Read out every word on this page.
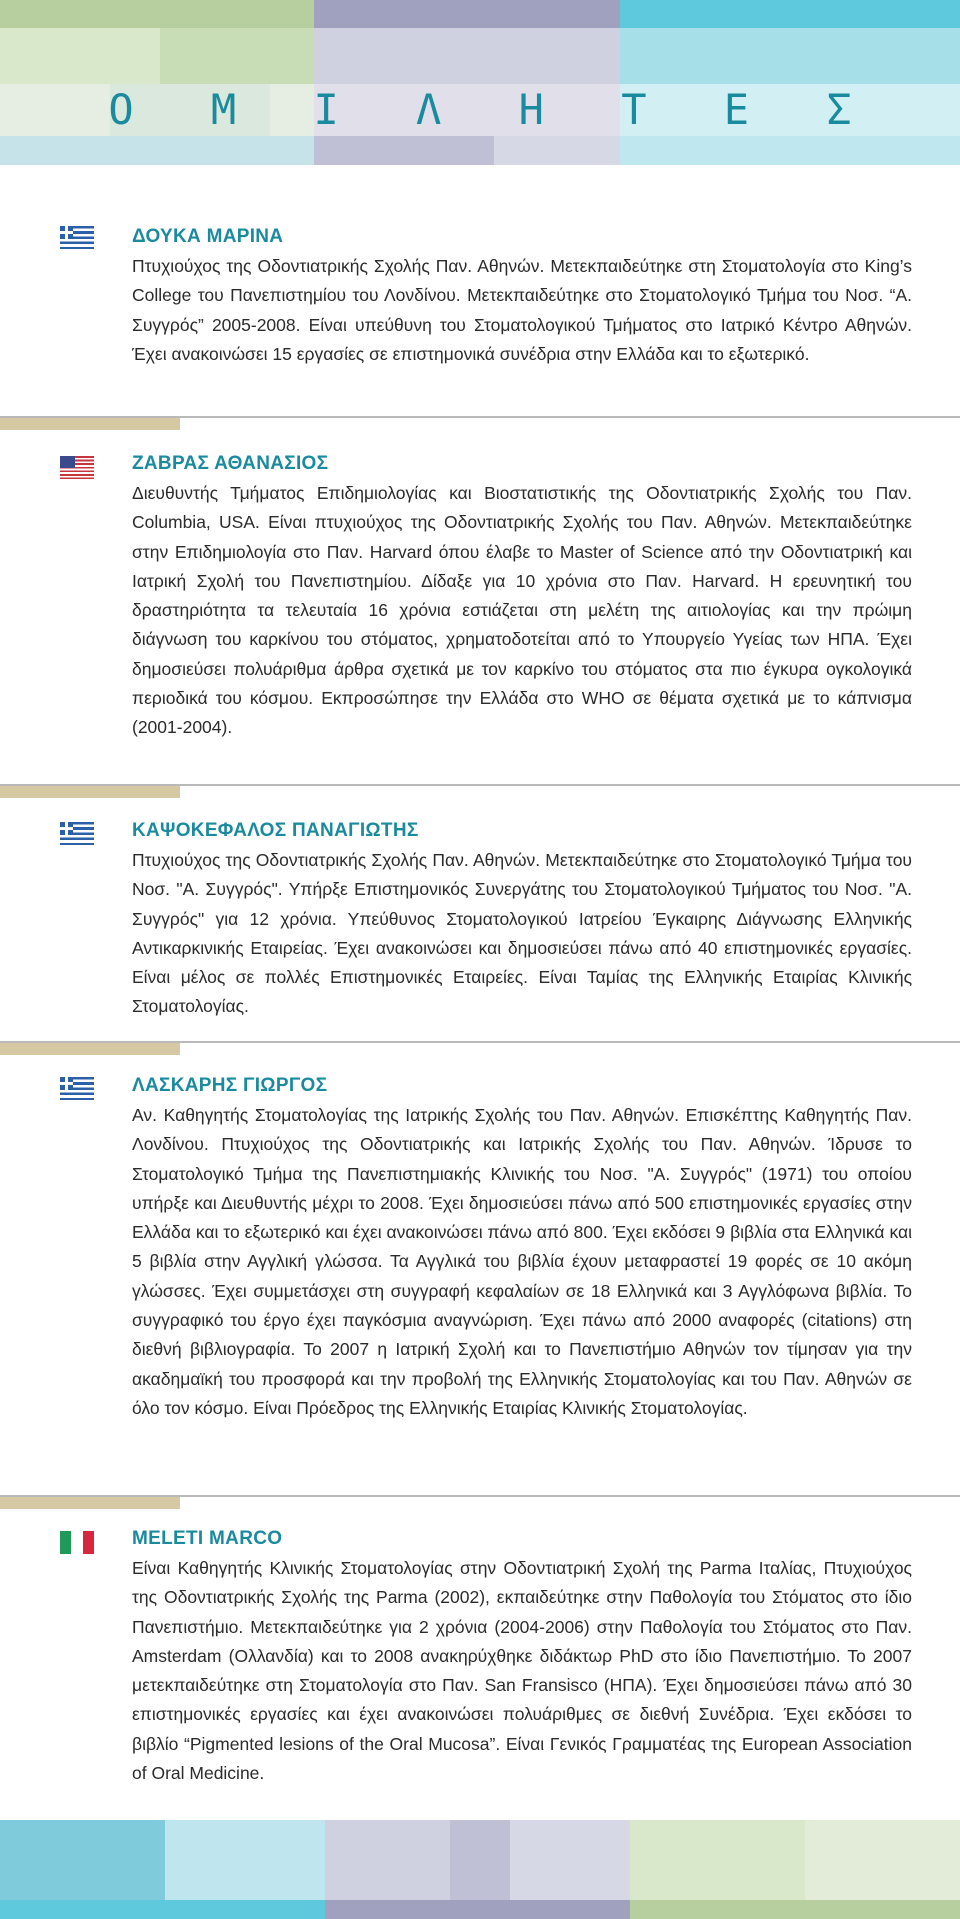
Ο Μ Ι Λ Η Τ Ε Σ
ΔΟΥΚΑ ΜΑΡΙΝΑ

Πτυχιούχος της Οδοντιατρικής Σχολής Παν. Αθηνών. Μετεκπαιδεύτηκε στη Στοματολογία στο King’s College του Πανεπιστημίου του Λονδίνου. Μετεκπαιδεύτηκε στο Στοματολογικό Τμήμα του Νοσ. “Α. Συγγρός” 2005-2008. Είναι υπεύθυνη του Στοματολογικού Τμήματος στο Ιατρικό Κέντρο Αθηνών. Έχει ανακοινώσει 15 εργασίες σε επιστημονικά συνέδρια στην Ελλάδα και το εξωτερικό.

ΖΑΒΡΑΣ ΑΘΑΝΑΣΙΟΣ

Διευθυντής Τμήματος Επιδημιολογίας και Βιοστατιστικής της Οδοντιατρικής Σχολής του Παν. Columbia, USA. Είναι πτυχιούχος της Οδοντιατρικής Σχολής του Παν. Αθηνών. Μετεκπαιδεύτηκε στην Επιδημιολογία στο Παν. Harvard όπου έλαβε το Master of Science από την Οδοντιατρική και Ιατρική Σχολή του Πανεπιστημίου. Δίδαξε για 10 χρόνια στο Παν. Harvard. Η ερευνητική του δραστηριότητα τα τελευταία 16 χρόνια εστιάζεται στη μελέτη της αιτιολογίας και την πρώιμη διάγνωση του καρκίνου του στόματος, χρηματοδοτείται από το Υπουργείο Υγείας των ΗΠΑ. Έχει δημοσιεύσει πολυάριθμα άρθρα σχετικά με τον καρκίνο του στόματος στα πιο έγκυρα ογκολογικά περιοδικά του κόσμου. Εκπροσώπησε την Ελλάδα στο WHO σε θέματα σχετικά με το κάπνισμα (2001-2004).

ΚΑΨΟΚΕΦΑΛΟΣ ΠΑΝΑΓΙΩΤΗΣ

Πτυχιούχος της Οδοντιατρικής Σχολής Παν. Αθηνών. Μετεκπαιδεύτηκε στο Στοματολογικό Τμήμα του Νοσ. "Α. Συγγρός". Υπήρξε Επιστημονικός Συνεργάτης του Στοματολογικού Τμήματος του Νοσ. "Α. Συγγρός" για 12 χρόνια. Υπεύθυνος Στοματολογικού Ιατρείου Έγκαιρης Διάγνωσης Ελληνικής Αντικαρκινικής Εταιρείας. Έχει ανακοινώσει και δημοσιεύσει πάνω από 40 επιστημονικές εργασίες. Είναι μέλος σε πολλές Επιστημονικές Εταιρείες. Είναι Ταμίας της Ελληνικής Εταιρίας Κλινικής Στοματολογίας.

ΛΑΣΚΑΡΗΣ ΓΙΩΡΓΟΣ

Αν. Καθηγητής Στοματολογίας της Ιατρικής Σχολής του Παν. Αθηνών. Επισκέπτης Καθηγητής Παν. Λονδίνου. Πτυχιούχος της Οδοντιατρικής και Ιατρικής Σχολής του Παν. Αθηνών. Ίδρυσε το Στοματολογικό Τμήμα της Πανεπιστημιακής Κλινικής του Νοσ. "Α. Συγγρός" (1971) του οποίου υπήρξε και Διευθυντής μέχρι το 2008. Έχει δημοσιεύσει πάνω από 500 επιστημονικές εργασίες στην Ελλάδα και το εξωτερικό και έχει ανακοινώσει πάνω από 800. Έχει εκδόσει 9 βιβλία στα Ελληνικά και 5 βιβλία στην Αγγλική γλώσσα. Τα Αγγλικά του βιβλία έχουν μεταφραστεί 19 φορές σε 10 ακόμη γλώσσες. Έχει συμμετάσχει στη συγγραφή κεφαλαίων σε 18 Ελληνικά και 3 Αγγλόφωνα βιβλία. Το συγγραφικό του έργο έχει παγκόσμια αναγνώριση. Έχει πάνω από 2000 αναφορές (citations) στη διεθνή βιβλιογραφία. Το 2007 η Ιατρική Σχολή και το Πανεπιστήμιο Αθηνών τον τίμησαν για την ακαδημαϊκή του προσφορά και την προβολή της Ελληνικής Στοματολογίας και του Παν. Αθηνών σε όλο τον κόσμο. Είναι Πρόεδρος της Ελληνικής Εταιρίας Κλινικής Στοματολογίας.

MELETI MARCO

Είναι Καθηγητής Κλινικής Στοματολογίας στην Οδοντιατρική Σχολή της Parma Ιταλίας, Πτυχιούχος της Οδοντιατρικής Σχολής της Parma (2002), εκπαιδεύτηκε στην Παθολογία του Στόματος στο ίδιο Πανεπιστήμιο. Μετεκπαιδεύτηκε για 2 χρόνια (2004-2006) στην Παθολογία του Στόματος στο Παν. Amsterdam (Ολλανδία) και το 2008 ανακηρύχθηκε διδάκτωρ PhD στο ίδιο Πανεπιστήμιο. Το 2007 μετεκπαιδεύτηκε στη Στοματολογία στο Παν. San Fransisco (ΗΠΑ). Έχει δημοσιεύσει πάνω από 30 επιστημονικές εργασίες και έχει ανακοινώσει πολυάριθμες σε διεθνή Συνέδρια. Έχει εκδόσει το βιβλίο “Pigmented lesions of the Oral Mucosa”. Είναι Γενικός Γραμματέας της European Association of Oral Medicine.
